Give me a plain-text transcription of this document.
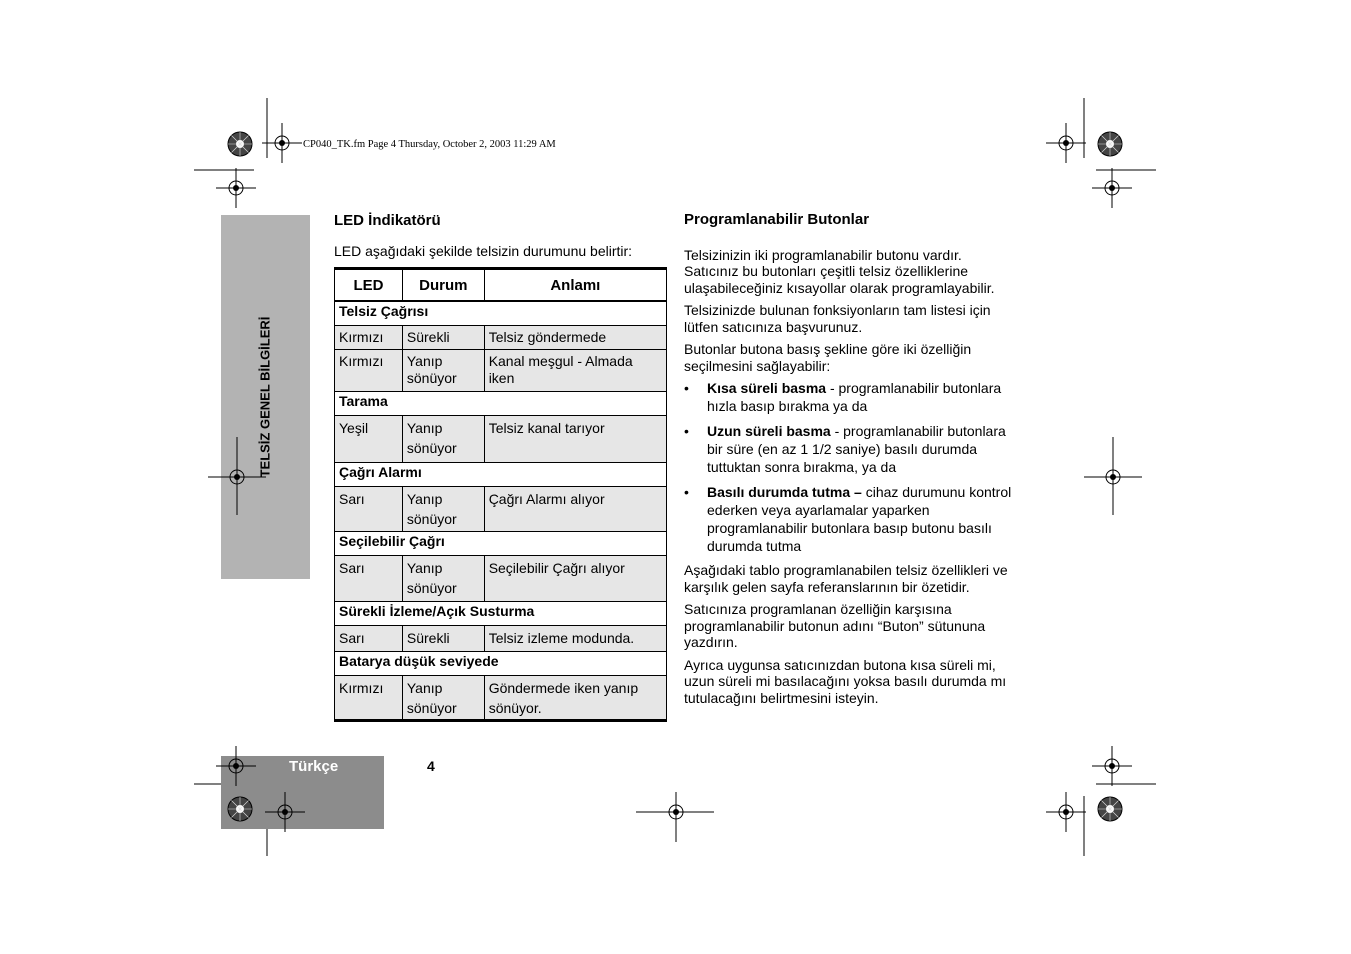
CP040_TK.fm Page 4 Thursday, October 2, 2003 11:29 AM
TELSİZ GENEL BİLGİLERİ
Türkçe	4
LED İndikatörü
LED aşağıdaki şekilde telsizin durumunu belirtir:
LED	Durum	Anlamı
Telsiz Çağrısı		
Kırmızı	Sürekli	Telsiz göndermede
Kırmızı	Yanıp sönüyor	Kanal meşgul - Almada iken
Tarama		
Yeşil	Yanıp sönüyor	Telsiz kanal tarıyor
Çağrı Alarmı		
Sarı	Yanıp sönüyor	Çağrı Alarmı alıyor
Seçilebilir Çağrı		
Sarı	Yanıp sönüyor	Seçilebilir Çağrı alıyor
Sürekli İzleme/Açık Susturma		
Sarı	Sürekli	Telsiz izleme modunda.
Batarya düşük seviyede		
Kırmızı	Yanıp sönüyor	Göndermede iken yanıp sönüyor.
Programlanabilir Butonlar

Telsizinizin iki programlanabilir butonu vardır. Satıcınız bu butonları çeşitli telsiz özelliklerine ulaşabileceğiniz kısayollar olarak programlayabilir.

Telsizinizde bulunan fonksiyonların tam listesi için lütfen satıcınıza başvurunuz.

Butonlar butona basış şekline göre iki özelliğin seçilmesini sağlayabilir:

• Kısa süreli basma - programlanabilir butonlara hızla basıp bırakma ya da
• Uzun süreli basma - programlanabilir butonlara bir süre (en az 1 1/2 saniye) basılı durumda tuttuktan sonra bırakma, ya da
• Basılı durumda tutma – cihaz durumunu kontrol ederken veya ayarlamalar yaparken programlanabilir butonlara basıp butonu basılı durumda tutma

Aşağıdaki tablo programlanabilen telsiz özellikleri ve karşılık gelen sayfa referanslarının bir özetidir.

Satıcınıza programlanan özelliğin karşısına programlanabilir butonun adını “Buton” sütununa yazdırın.

Ayrıca uygunsa satıcınızdan butona kısa süreli mi, uzun süreli mi basılacağını yoksa basılı durumda mı tutulacağını belirtmesini isteyin.
